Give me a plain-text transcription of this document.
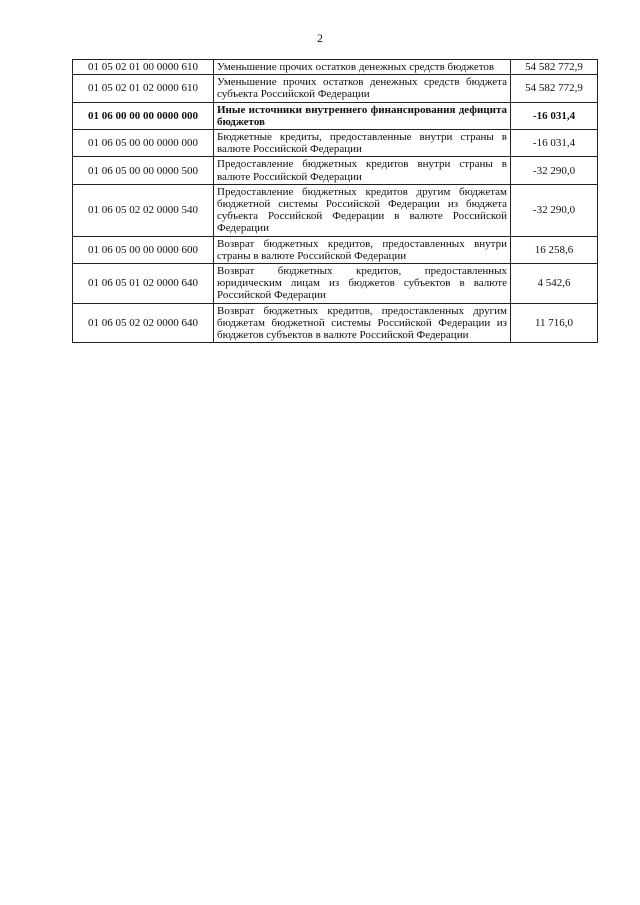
2
01 05 02 01 00 0000 610	Уменьшение прочих остатков денежных средств бюджетов	54 582 772,9
01 05 02 01 02 0000 610	Уменьшение прочих остатков денежных средств бюджета субъекта Российской Федерации	54 582 772,9
01 06 00 00 00 0000 000	Иные источники внутреннего финансирования дефицита бюджетов	-16 031,4
01 06 05 00 00 0000 000	Бюджетные кредиты, предоставленные внутри страны в валюте Российской Федерации	-16 031,4
01 06 05 00 00 0000 500	Предоставление бюджетных кредитов внутри страны в валюте Российской Федерации	-32 290,0
01 06 05 02 02 0000 540	Предоставление бюджетных кредитов другим бюджетам бюджетной системы Российской Федерации из бюджета субъекта Российской Федерации в валюте Российской Федерации	-32 290,0
01 06 05 00 00 0000 600	Возврат бюджетных кредитов, предоставленных внутри страны в валюте Российской Федерации	16 258,6
01 06 05 01 02 0000 640	Возврат бюджетных кредитов, предоставленных юридическим лицам из бюджетов субъектов в валюте Российской Федерации	4 542,6
01 06 05 02 02 0000 640	Возврат бюджетных кредитов, предоставленных другим бюджетам бюджетной системы Российской Федерации из бюджетов субъектов в валюте Российской Федерации	11 716,0
